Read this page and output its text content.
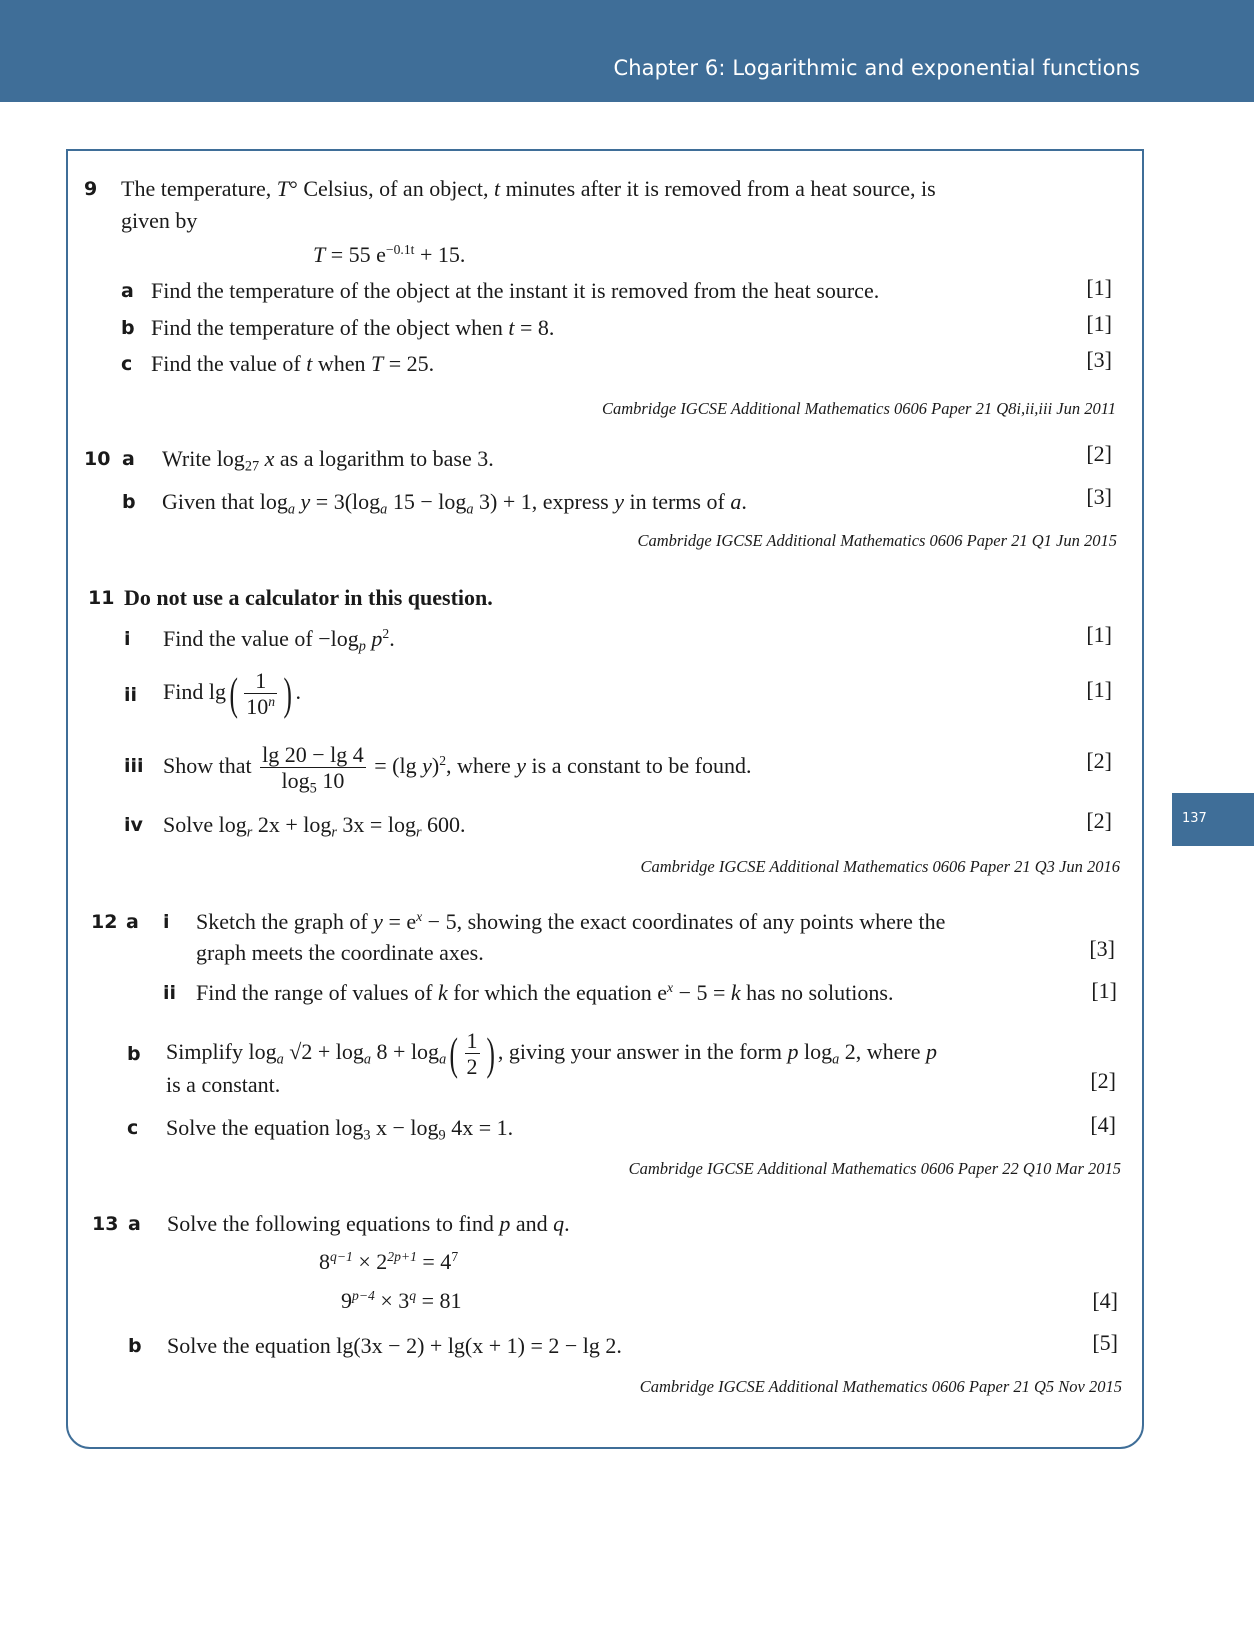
Chapter 6: Logarithmic and exponential functions
137
9 The temperature, T° Celsius, of an object, t minutes after it is removed from a heat source, is
given by
T = 55 $e^{-0.1t} + 15$.
a Find the temperature of the object at the instant it is removed from the heat source.	[1]
b Find the temperature of the object when t = 8.	[1]
c Find the value of t when T = 25.	[3]
Cambridge IGCSE Additional Mathematics 0606 Paper 21 Q8i,ii,iii Jun 2011
10 a Write $\log_{27} x$ as a logarithm to base 3.	[2]
b Given that $\log_a y = 3(\log_a$ $15 - \log_a 3) + 1$, express y in terms of a.	[3]
Cambridge IGCSE Additional Mathematics 0606 Paper 21 Q1 Jun 2015
11 Do not use a calculator in this question.
i Find the value of $-\log_p$ $p^2$.	[1]
ii Find $\lg( \frac{1}{10^n}$ ) .	[1]
iii Show that $\frac{\lg 20 - \lg 4}{\log_5 10} = (\lg$ y)$^2$, where y is a constant to be found.	[2]
iv Solve $\log_r 2x + \log_r 3x = \log_r 600$.	[2]
Cambridge IGCSE Additional Mathematics 0606 Paper 21 Q3 Jun 2016
12 a i Sketch the graph of $y = e^x - 5$, showing the exact coordinates of any points where the
graph meets the coordinate axes.	[3]
ii Find the range of values of k for which the equation $e^x - 5 = k$ has no solutions.	[1]
b Simplify $\log_a √2 + \log_a 8 + \log_a( \frac{1}{2}$ ) , giving your answer in the form p $\log_a 2$, where p
is a constant.	[2]
c Solve the equation $\log_3 x - \log_9 4x = 1$.	[4]
Cambridge IGCSE Additional Mathematics 0606 Paper 22 Q10 Mar 2015
13 a Solve the following equations to find p and q.
$8^{q-1} \times 2^{2p+1} = 4^7$
$9^{p-4} \times 3^q = 81$	[4]
b Solve the equation lg(3x − 2) + lg(x + 1) = 2 − lg 2.	[5]
Cambridge IGCSE Additional Mathematics 0606 Paper 21 Q5 Nov 2015
